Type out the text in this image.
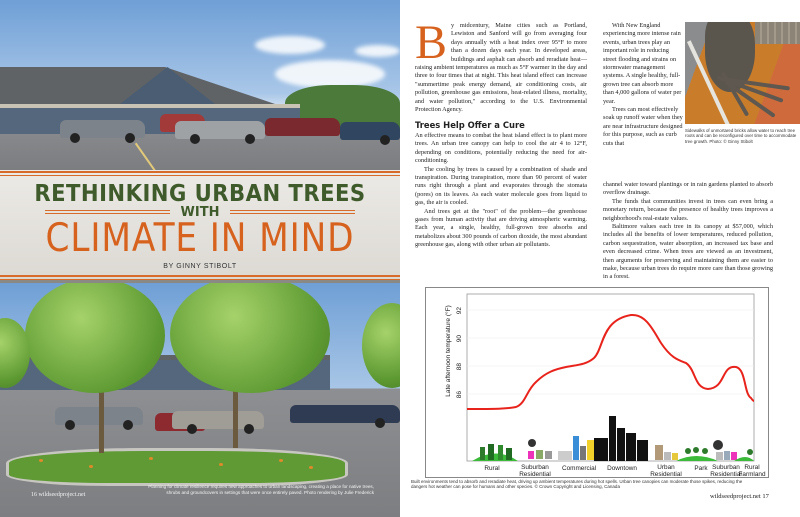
RETHINKING URBAN TREES
WITH
CLIMATE IN MIND
BY GINNY STIBOLT
16 wildseedproject.net
Planning for climate resilience requires new approaches to urban landscaping, creating a place for native trees, shrubs and groundcovers in settings that were once entirely paved. Photo rendering by Julie Frederick
B y midcentury, Maine cities such as Portland, Lewiston and Sanford will go from averaging four days annually with a heat index over 95°F to more than a dozen days each year. In developed areas, buildings and asphalt can absorb and reradiate heat—raising ambient temperatures as much as 5°F warmer in the day and three to four times that at night. This heat island effect can increase "summertime peak energy demand, air conditioning costs, air pollution, greenhouse gas emissions, heat-related illness, mortality, and water pollution," according to the U.S. Environmental Protection Agency.

Trees Help Offer a Cure

An effective means to combat the heat island effect is to plant more trees. An urban tree canopy can help to cool the air 4 to 12°F, depending on conditions, potentially reducing the need for air-conditioning.

The cooling by trees is caused by a combination of shade and transpiration. During transpiration, more than 90 percent of water runs right through a plant and evaporates through the stomata (pores) on its leaves. As each water molecule goes from liquid to gas, the air is cooled.

And trees get at the "root" of the problem—the greenhouse gases from human activity that are driving atmospheric warming. Each year, a single, healthy, full-grown tree absorbs and metabolizes about 300 pounds of carbon dioxide, the most abundant greenhouse gas, along with other urban air pollutants.

With New England experiencing more intense rain events, urban trees play an important role in reducing street flooding and strains on stormwater management systems. A single healthy, full-grown tree can absorb more than 4,000 gallons of water per year.

Trees can most effectively soak up runoff water when they are near infrastructure designed for this purpose, such as curb cuts that

channel water toward plantings or in rain gardens planted to absorb overflow drainage.

The funds that communities invest in trees can even bring a monetary return, because the presence of healthy trees improves a neighborhood's real-estate values.

Baltimore values each tree in its canopy at $57,000, which includes all the benefits of lower temperatures, reduced pollution, carbon sequestration, water absorption, an increased tax base and even decreased crime. When trees are viewed as an investment, then arguments for preserving and maintaining them are easier to make, because urban trees do require more care than those growing in a forest.

Sidewalks of unmortared bricks allow water to reach tree roots and can be reconfigured over time to accommodate tree growth. Photo: © Ginny Stibolt
92
90
88
86
Late afternoon temperature (°F)
Rural	Suburban
Residential
Commercial Downtown	Urban
Residential
Park Suburban
Residential
Rural
Farmland
Built environments tend to absorb and reradiate heat, driving up ambient temperatures during hot spells. Urban tree canopies can moderate those spikes, reducing the dangers hot weather can pose for humans and other species. © Crown Copyright and Licensing, Canada
wildseedproject.net 17
